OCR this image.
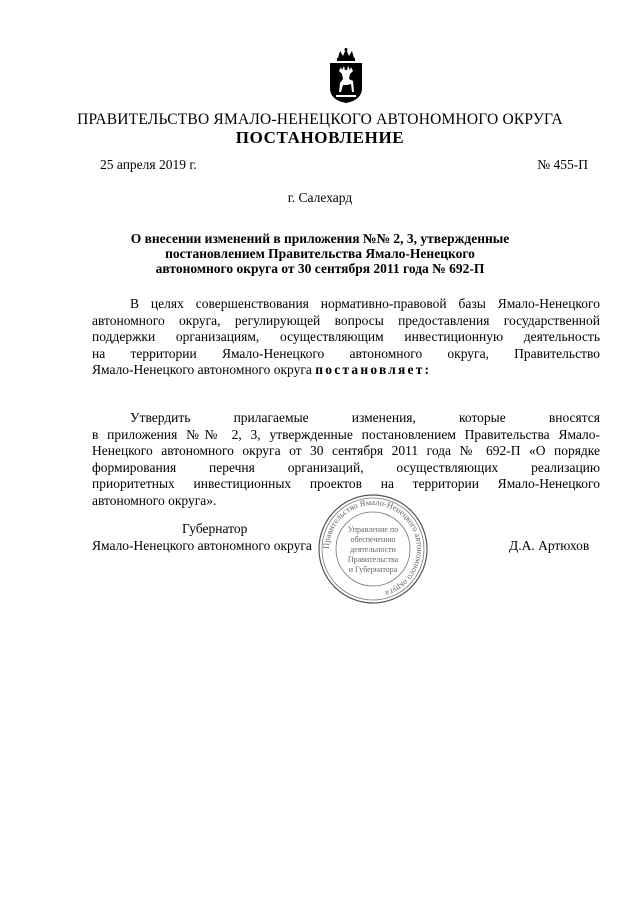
ПРАВИТЕЛЬСТВО ЯМАЛО-НЕНЕЦКОГО АВТОНОМНОГО ОКРУГА
ПОСТАНОВЛЕНИЕ
25 апреля 2019 г.	№ 455-П
г. Салехард
О внесении изменений в приложения №№ 2, 3, утвержденные
постановлением Правительства Ямало-Ненецкого
автономного округа от 30 сентября 2011 года № 692-П
В целях совершенствования нормативно-правовой базы Ямало-Ненецкого
автономного округа, регулирующей вопросы предоставления государственной
поддержки организациям, осуществляющим инвестиционную деятельность
на территории Ямало-Ненецкого автономного округа, Правительство
Ямало-Ненецкого автономного округа постановляет:
Утвердить прилагаемые изменения, которые вносятся
в приложения №№ 2, 3, утвержденные постановлением Правительства Ямало-
Ненецкого автономного округа от 30 сентября 2011 года № 692-П «О порядке
формирования перечня организаций, осуществляющих реализацию
приоритетных инвестиционных проектов на территории Ямало-Ненецкого
автономного округа».
Правительство Ямало-Ненецкого автономного округа
Управление по
обеспечению
деятельности
Правительства
и Губернатора
Губернатор
Ямало-Ненецкого автономного округа	Д.А. Артюхов
